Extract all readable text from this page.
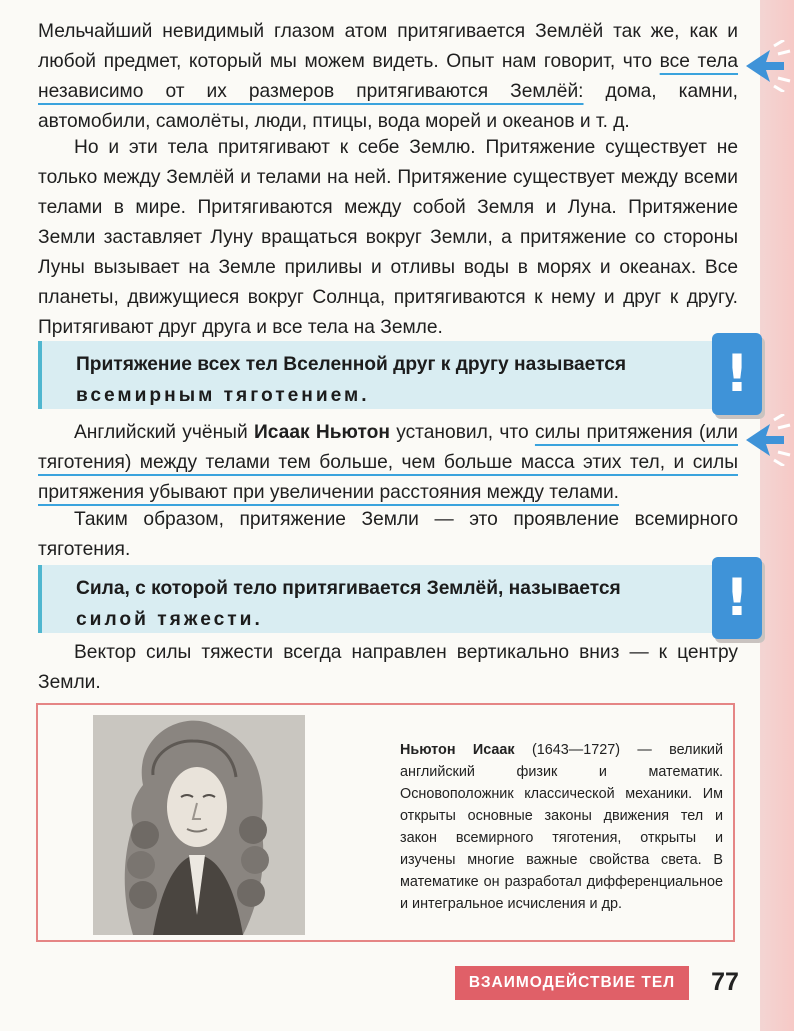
Мельчайший невидимый глазом атом притягивается Землёй так же, как и любой предмет, который мы можем видеть. Опыт нам говорит, что все тела независимо от их размеров притягиваются Землёй: дома, камни, автомобили, самолёты, люди, птицы, вода морей и океанов и т. д.

Но и эти тела притягивают к себе Землю. Притяжение существует не только между Землёй и телами на ней. Притяжение существует между всеми телами в мире. Притягиваются между собой Земля и Луна. Притяжение Земли заставляет Луну вращаться вокруг Земли, а притяжение со стороны Луны вызывает на Земле приливы и отливы воды в морях и океанах. Все планеты, движущиеся вокруг Солнца, притягиваются к нему и друг к другу. Притягивают друг друга и все тела на Земле.

Притяжение всех тел Вселенной друг к другу называется
всемирным тяготением.	!

Английский учёный Исаак Ньютон установил, что силы притяжения (или тяготения) между телами тем больше, чем больше масса этих тел, и силы притяжения убывают при увеличении расстояния между телами.

Таким образом, притяжение Земли — это проявление всемирного тяготения.

Сила, с которой тело притягивается Землёй, называется
силой тяжести.	!

Вектор силы тяжести всегда направлен вертикально вниз — к центру Земли.

Ньютон Исаак (1643—1727) — великий английский физик и математик. Основоположник классической механики. Им открыты основные законы движения тел и закон всемирного тяготения, открыты и изучены многие важные свойства света. В математике он разработал дифференциальное и интегральное исчисления и др.
ВЗАИМОДЕЙСТВИЕ ТЕЛ	77
